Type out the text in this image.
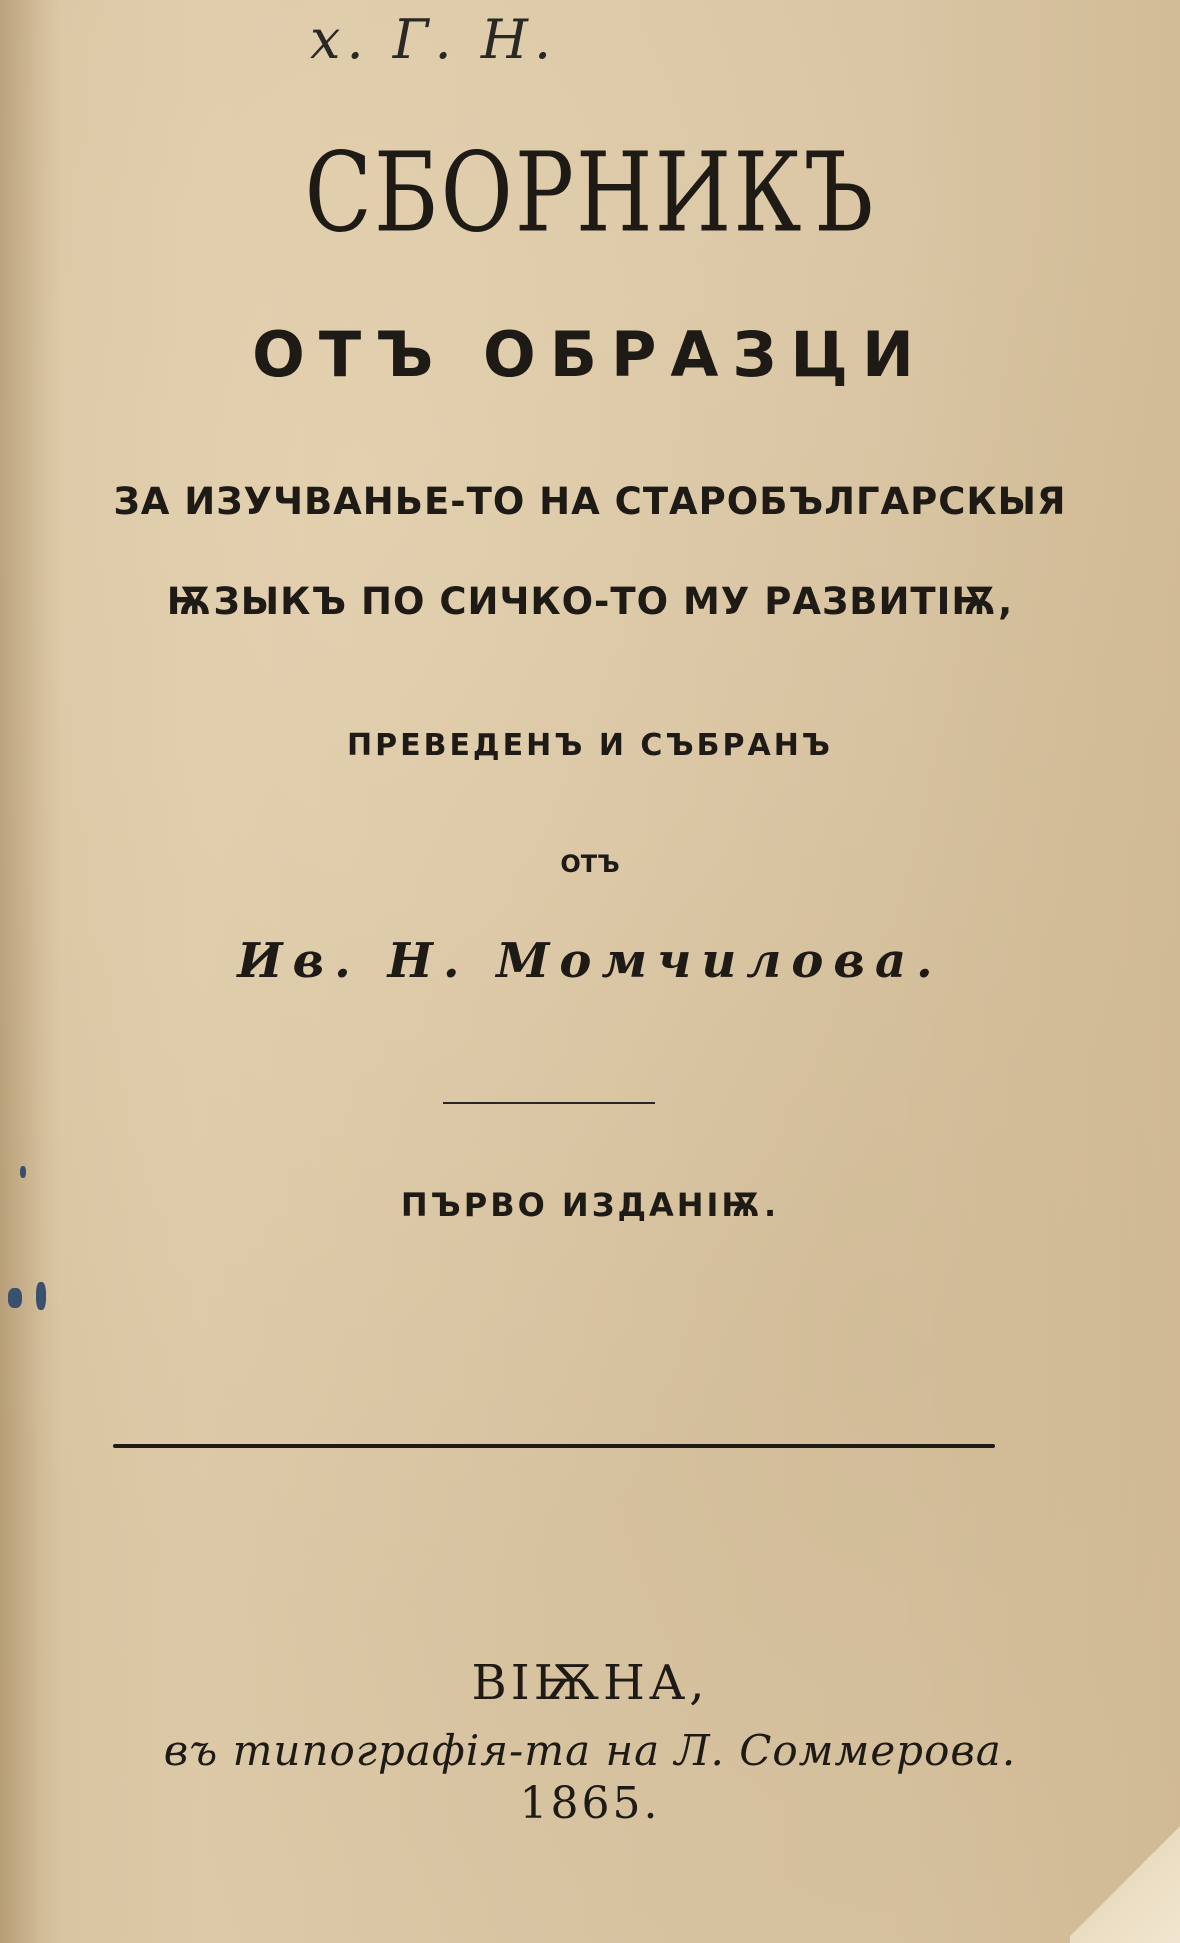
х. Г. Н.
СБОРНИКЪ
ОТЪ ОБРАЗЦИ
ЗА ИЗУЧВАНЬЕ-ТО НА СТАРОБЪЛГАРСКЫЯ
ѬЗЫКЪ ПО СИЧКО-ТО МУ РАЗВИТІѬ,
ПРЕВЕДЕНЪ И СЪБРАНЪ
ОТЪ
Ив. Н. Момчилова.
ПЪРВО ИЗДАНІѬ.
ВІѬНА,
въ типографія-та на Л. Соммерова.
1865.
